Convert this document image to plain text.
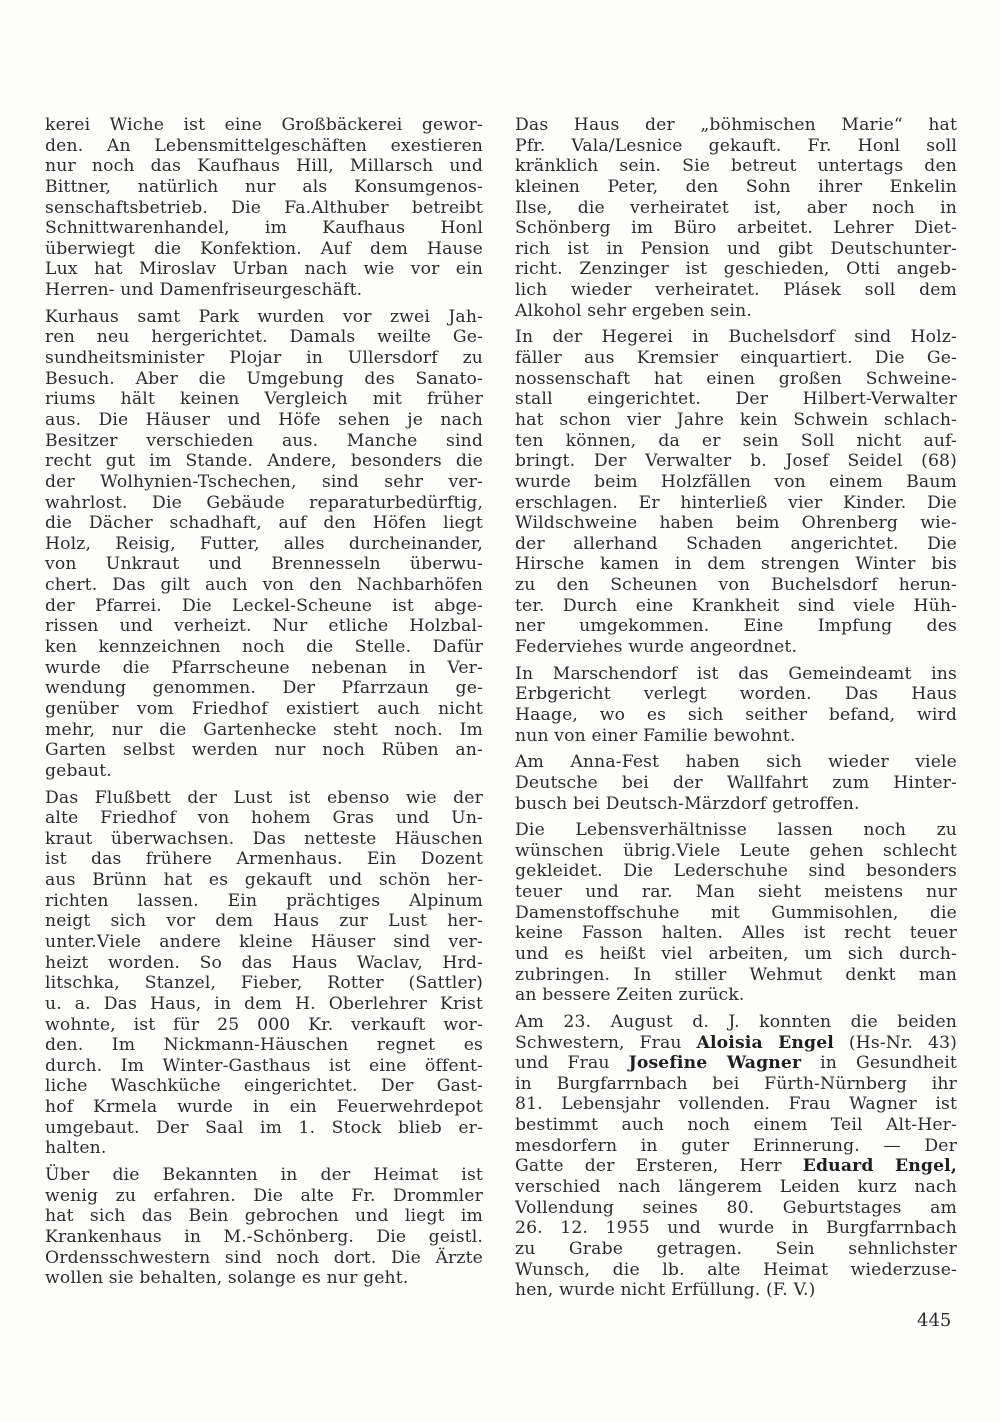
kerei Wiche ist eine Großbäckerei gewor-
den. An Lebensmittelgeschäften exestieren
nur noch das Kaufhaus Hill, Millarsch und
Bittner, natürlich nur als Konsumgenos-
senschaftsbetrieb. Die Fa.Althuber betreibt
Schnittwarenhandel, im Kaufhaus Honl
überwiegt die Konfektion. Auf dem Hause
Lux hat Miroslav Urban nach wie vor ein
Herren- und Damenfriseurgeschäft.
Kurhaus samt Park wurden vor zwei Jah-
ren neu hergerichtet. Damals weilte Ge-
sundheitsminister Plojar in Ullersdorf zu
Besuch. Aber die Umgebung des Sanato-
riums hält keinen Vergleich mit früher
aus. Die Häuser und Höfe sehen je nach
Besitzer verschieden aus. Manche sind
recht gut im Stande. Andere, besonders die
der Wolhynien-Tschechen, sind sehr ver-
wahrlost. Die Gebäude reparaturbedürftig,
die Dächer schadhaft, auf den Höfen liegt
Holz, Reisig, Futter, alles durcheinander,
von Unkraut und Brennesseln überwu-
chert. Das gilt auch von den Nachbarhöfen
der Pfarrei. Die Leckel-Scheune ist abge-
rissen und verheizt. Nur etliche Holzbal-
ken kennzeichnen noch die Stelle. Dafür
wurde die Pfarrscheune nebenan in Ver-
wendung genommen. Der Pfarrzaun ge-
genüber vom Friedhof existiert auch nicht
mehr, nur die Gartenhecke steht noch. Im
Garten selbst werden nur noch Rüben an-
gebaut.
Das Flußbett der Lust ist ebenso wie der
alte Friedhof von hohem Gras und Un-
kraut überwachsen. Das netteste Häuschen
ist das frühere Armenhaus. Ein Dozent
aus Brünn hat es gekauft und schön her-
richten lassen. Ein prächtiges Alpinum
neigt sich vor dem Haus zur Lust her-
unter.Viele andere kleine Häuser sind ver-
heizt worden. So das Haus Waclav, Hrd-
litschka, Stanzel, Fieber, Rotter (Sattler)
u. a. Das Haus, in dem H. Oberlehrer Krist
wohnte, ist für 25 000 Kr. verkauft wor-
den. Im Nickmann-Häuschen regnet es
durch. Im Winter-Gasthaus ist eine öffent-
liche Waschküche eingerichtet. Der Gast-
hof Krmela wurde in ein Feuerwehrdepot
umgebaut. Der Saal im 1. Stock blieb er-
halten.
Über die Bekannten in der Heimat ist
wenig zu erfahren. Die alte Fr. Drommler
hat sich das Bein gebrochen und liegt im
Krankenhaus in M.-Schönberg. Die geistl.
Ordensschwestern sind noch dort. Die Ärzte
wollen sie behalten, solange es nur geht.
Das Haus der „böhmischen Marie“ hat
Pfr. Vala/Lesnice gekauft. Fr. Honl soll
kränklich sein. Sie betreut untertags den
kleinen Peter, den Sohn ihrer Enkelin
Ilse, die verheiratet ist, aber noch in
Schönberg im Büro arbeitet. Lehrer Diet-
rich ist in Pension und gibt Deutschunter-
richt. Zenzinger ist geschieden, Otti angeb-
lich wieder verheiratet. Plásek soll dem
Alkohol sehr ergeben sein.
In der Hegerei in Buchelsdorf sind Holz-
fäller aus Kremsier einquartiert. Die Ge-
nossenschaft hat einen großen Schweine-
stall eingerichtet. Der Hilbert-Verwalter
hat schon vier Jahre kein Schwein schlach-
ten können, da er sein Soll nicht auf-
bringt. Der Verwalter b. Josef Seidel (68)
wurde beim Holzfällen von einem Baum
erschlagen. Er hinterließ vier Kinder. Die
Wildschweine haben beim Ohrenberg wie-
der allerhand Schaden angerichtet. Die
Hirsche kamen in dem strengen Winter bis
zu den Scheunen von Buchelsdorf herun-
ter. Durch eine Krankheit sind viele Hüh-
ner umgekommen. Eine Impfung des
Federviehes wurde angeordnet.
In Marschendorf ist das Gemeindeamt ins
Erbgericht verlegt worden. Das Haus
Haage, wo es sich seither befand, wird
nun von einer Familie bewohnt.
Am Anna-Fest haben sich wieder viele
Deutsche bei der Wallfahrt zum Hinter-
busch bei Deutsch-Märzdorf getroffen.
Die Lebensverhältnisse lassen noch zu
wünschen übrig.Viele Leute gehen schlecht
gekleidet. Die Lederschuhe sind besonders
teuer und rar. Man sieht meistens nur
Damenstoffschuhe mit Gummisohlen, die
keine Fasson halten. Alles ist recht teuer
und es heißt viel arbeiten, um sich durch-
zubringen. In stiller Wehmut denkt man
an bessere Zeiten zurück.
Am 23. August d. J. konnten die beiden
Schwestern, Frau Aloisia Engel (Hs-Nr. 43)
und Frau Josefine Wagner in Gesundheit
in Burgfarrnbach bei Fürth-Nürnberg ihr
81. Lebensjahr vollenden. Frau Wagner ist
bestimmt auch noch einem Teil Alt-Her-
mesdorfern in guter Erinnerung. — Der
Gatte der Ersteren, Herr Eduard Engel,
verschied nach längerem Leiden kurz nach
Vollendung seines 80. Geburtstages am
26. 12. 1955 und wurde in Burgfarrnbach
zu Grabe getragen. Sein sehnlichster
Wunsch, die lb. alte Heimat wiederzuse-
hen, wurde nicht Erfüllung. (F. V.)
445
